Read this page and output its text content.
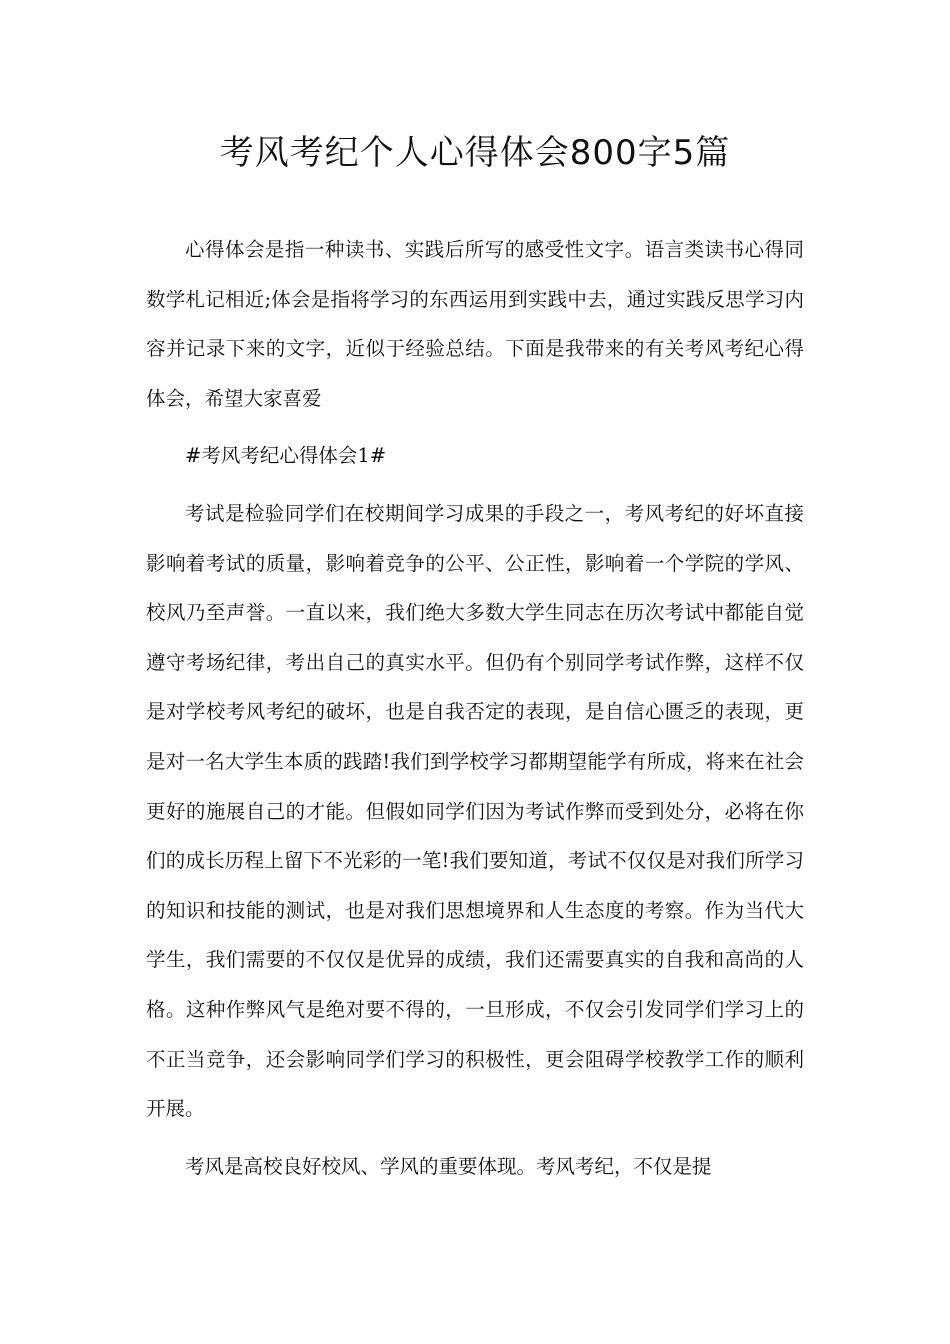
考风考纪个人心得体会800字5篇

心得体会是指一种读书、实践后所写的感受性文字。语言类读书心得同数学札记相近;体会是指将学习的东西运用到实践中去，通过实践反思学习内容并记录下来的文字，近似于经验总结。下面是我带来的有关考风考纪心得体会，希望大家喜爱

#考风考纪心得体会1#

考试是检验同学们在校期间学习成果的手段之一，考风考纪的好坏直接影响着考试的质量，影响着竞争的公平、公正性，影响着一个学院的学风、校风乃至声誉。一直以来，我们绝大多数大学生同志在历次考试中都能自觉遵守考场纪律，考出自己的真实水平。但仍有个别同学考试作弊，这样不仅是对学校考风考纪的破坏，也是自我否定的表现，是自信心匮乏的表现，更是对一名大学生本质的践踏!我们到学校学习都期望能学有所成，将来在社会更好的施展自己的才能。但假如同学们因为考试作弊而受到处分，必将在你们的成长历程上留下不光彩的一笔!我们要知道，考试不仅仅是对我们所学习的知识和技能的测试，也是对我们思想境界和人生态度的考察。作为当代大学生，我们需要的不仅仅是优异的成绩，我们还需要真实的自我和高尚的人格。这种作弊风气是绝对要不得的，一旦形成，不仅会引发同学们学习上的不正当竞争，还会影响同学们学习的积极性，更会阻碍学校教学工作的顺利开展。

考风是高校良好校风、学风的重要体现。考风考纪，不仅是提
